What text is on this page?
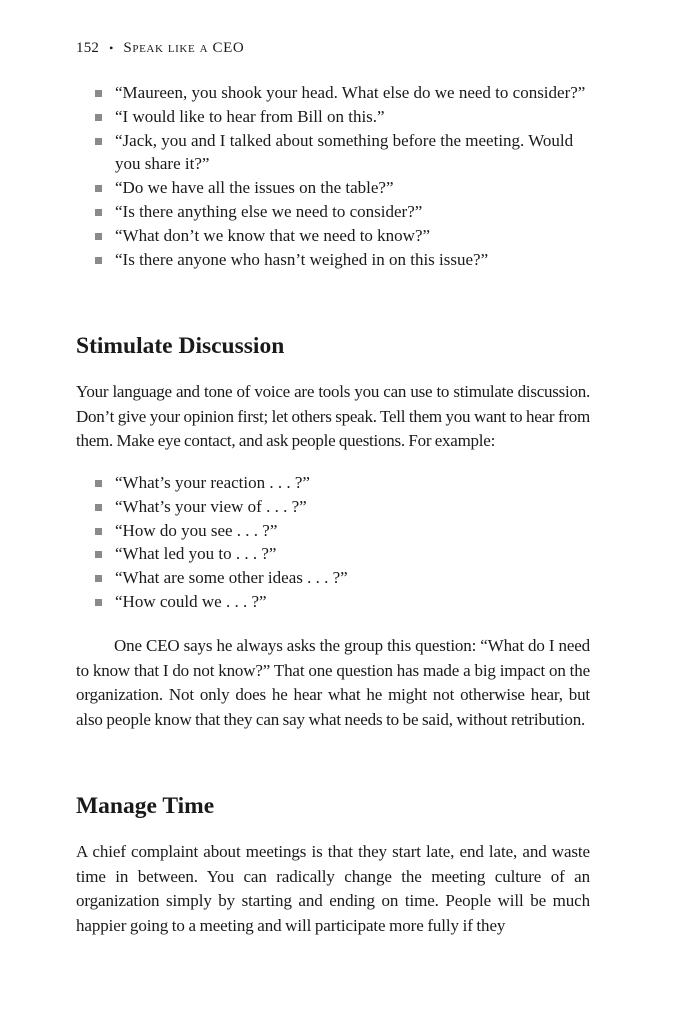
152 • Speak like a CEO
“Maureen, you shook your head. What else do we need to consider?”
“I would like to hear from Bill on this.”
“Jack, you and I talked about something before the meeting. Would you share it?”
“Do we have all the issues on the table?”
“Is there anything else we need to consider?”
“What don’t we know that we need to know?”
“Is there anyone who hasn’t weighed in on this issue?”
Stimulate Discussion

Your language and tone of voice are tools you can use to stimulate discussion. Don’t give your opinion first; let others speak. Tell them you want to hear from them. Make eye contact, and ask people questions. For example:

“What’s your reaction . . . ?”
“What’s your view of . . . ?”
“How do you see . . . ?”
“What led you to . . . ?”
“What are some other ideas . . . ?”
“How could we . . . ?”

One CEO says he always asks the group this question: “What do I need to know that I do not know?” That one question has made a big impact on the organization. Not only does he hear what he might not otherwise hear, but also people know that they can say what needs to be said, without retribution.

Manage Time

A chief complaint about meetings is that they start late, end late, and waste time in between. You can radically change the meeting culture of an organization simply by starting and ending on time. People will be much happier going to a meeting and will participate more fully if they
